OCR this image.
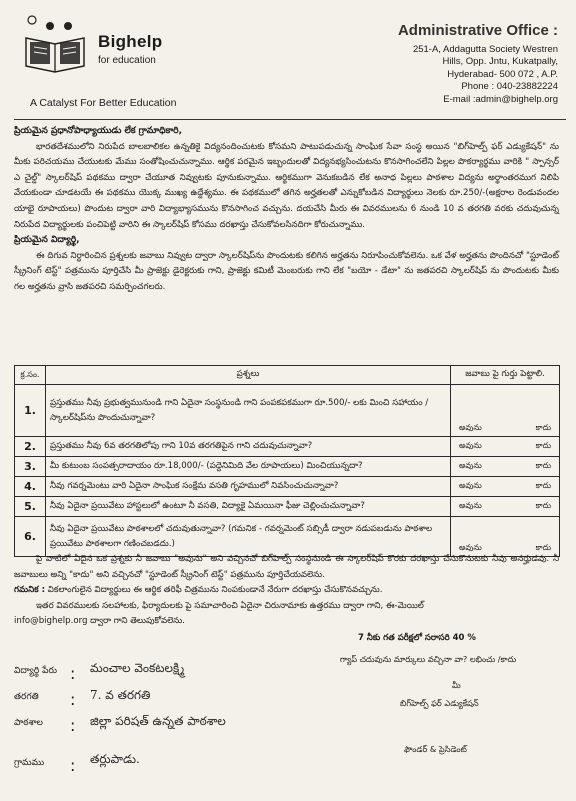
Bighelp
for education
A Catalyst For Better Education
Administrative Office :
251-A, Addagutta Society Westren
Hills, Opp. Jntu, Kukatpally,
Hyderabad- 500 072 , A.P.
Phone : 040-23882224
E-mail :admin@bighelp.org
ప్రియమైన ప్రధానోపాధ్యాయుడు లేక గ్రామాధికారి,

భారతదేశములోని నిరుపేద బాలబాలికల ఉన్నతికై విద్యనందించుటకు కోసమని పాటుపడుచున్న సాంఘిక సేవా సంస్థ అయిన "బిగ్‌హెల్ప్ ఫర్ ఎడ్యుకేషన్" ను మీకు పరిచయము చేయుటకు మేము సంతోషించుచున్నాము. ఆర్థిక పరమైన ఇబ్బందులతో విద్యనభ్యసించుటను కొనసాగించలేని పిల్లల పొకర్యార్థము వారికి " స్పాన్సర్ ఎ చైల్డ్" స్కాలర్‌షిప్ పథకము ద్వారా చేయూత నివ్వుటకు పూనుకున్నాము. ఆర్థికముగా వెనుకబడిన లేక అనాధ పిల్లలు పాఠశాల విద్యను అర్థాంతరముగ నిలిపి వేయకుండా చూడటయే ఈ పథకము యొక్క ముఖ్య ఉద్దేశ్యము. ఈ పథకములో తగిన అర్హతలతో ఎన్నుకోబడిన విద్యార్థులు నెలకు రూ.250/-(అక్షరాల రెండువందల యాభై రూపాయలు) పొందుట ద్వారా వారి విద్యాభ్యాసమును కొనసాగించ వచ్చును. దయచేసి మీరు ఈ వివరములను 6 నుండి 10 వ తరగతి వరకు చదువుచున్న నిరుపేద విద్యార్థులకు పంచిపెట్టి వారిని ఈ స్కాలర్‌షిప్ కోసము దరఖాస్తు చేసుకోవలసినదిగా కోరుచున్నాము.

ప్రియమైన విద్యార్థి,

ఈ దిగువ నిర్ధారించిన ప్రశ్నలకు జవాబు నివ్వుట ద్వారా స్కాలర్‌షిప్‌ను పొందుటకు కలిగిన అర్హతను నిరూపించుకోవలెను. ఒక వేళ అర్హతను పొందినచో "స్టూడెంట్ స్క్రీనింగ్ టెస్ట్" పత్రమును పూర్తిచేసి మీ ప్రాజెక్టు డైరెక్టరుకు గాని, ప్రాజెక్టు కమిటీ మెంబరుకు గాని లేక "బయో - డేటా" ను జతపరచి స్కాలర్‌షిప్ ను పొందుటకు మీకు గల అర్హతను వ్రాసి జతపరచి సమర్పించగలరు.

క్ర.సం.	ప్రశ్నలు	జవాబు పై గుర్తు పెట్టాలి.
1.	ప్రస్తుతము నీవు ప్రభుత్వమునుండి గాని ఏదైనా సంస్థనుండి గాని పంపకపకముగా రూ.500/- లకు మించి సహాయం / స్కాలర్‌షిప్‌ను పొందుచున్నావా?	అవును కాదు

2.	ప్రస్తుతము నీవు 6వ తరగతిలోపు గాని 10వ తరగతిపైన గాని చదువుచున్నావా?	అవును కాదు

3.	మీ కుటుంబ సంపత్సరాదాయం రూ.18,000/- (పద్దెనిమిది వేల రూపాయలు) మించియున్నదా?	అవును కాదు

4.	నీవు గవర్నమెంటు వారి ఏదైనా సాంఘిక సంక్షేమ వసతి గృహములో నివసించుచున్నావా?	అవును కాదు

5.	నీవు ఏదైనా ప్రయివేటు హాస్టలులో ఉంటూ నీ వసతి, విద్యాకై ఏమయినా ఫీజు చెల్లించుచున్నావా?	అవును కాదు

6.	నీవు ఏదైనా ప్రయివేటు పాఠశాలలో చదువుతున్నావా? (గమనిక - గవర్నమెంట్ సబ్సిడీ ద్వారా నడుపబడును పాఠశాల ప్రయివేటు పాఠశాలగా గణించబడదు.)	అవును కాదు

పై వాటిలో ఏదైన ఒక ప్రశ్నకు నీ జవాబు "అవును" అని వచ్చినచో బిగ్‌హెల్ప్ సంస్థనుండి ఈ స్కాలర్‌షిప్ కొరకు దరఖాస్తు చేసుకొనుటకు నీవు అనర్హుడవు. నీ జవాబులు అన్ని "కాదు" అని వచ్చినచో "స్టూడెంట్ స్క్రీనింగ్ టెస్ట్" పత్రమును పూర్తిచేయవలెను.

గమనిక : వికలాంగులైన విద్యార్థులు ఈ ఆర్థిక తరిఫీ చిత్రమును నింపకుండానే నేరుగా దరఖాస్తు చేసుకొనవచ్చును.

ఇతర వివరములకు సలహాలకు, ఫిర్యాదులకు పై సమాచారించి ఏదైనా చిరునామాకు ఉత్తరము ద్వారా గాని, ఈ-మెయిల్

info@bighelp.org ద్వారా గాని తెలుపుకోవలెను.
7 నీకు గత పరీక్షలో సరాసరి 40 %
గ్యాప్ చదువును మార్కులు వచ్చినా వా? లభించు /కాదు
విద్యార్థి పేరు : మంచాల వెంకటలక్ష్మి
తరగతి : 7. వ తరగతి
పాఠశాల : జిల్లా పరిషత్ ఉన్నత పాఠశాల
గ్రామము : తర్లుపాడు.
మీ
బిగ్‌హెల్ప్ ఫర్ ఎడ్యుకేషన్
ఫౌండర్ & ప్రెసిడెంట్
